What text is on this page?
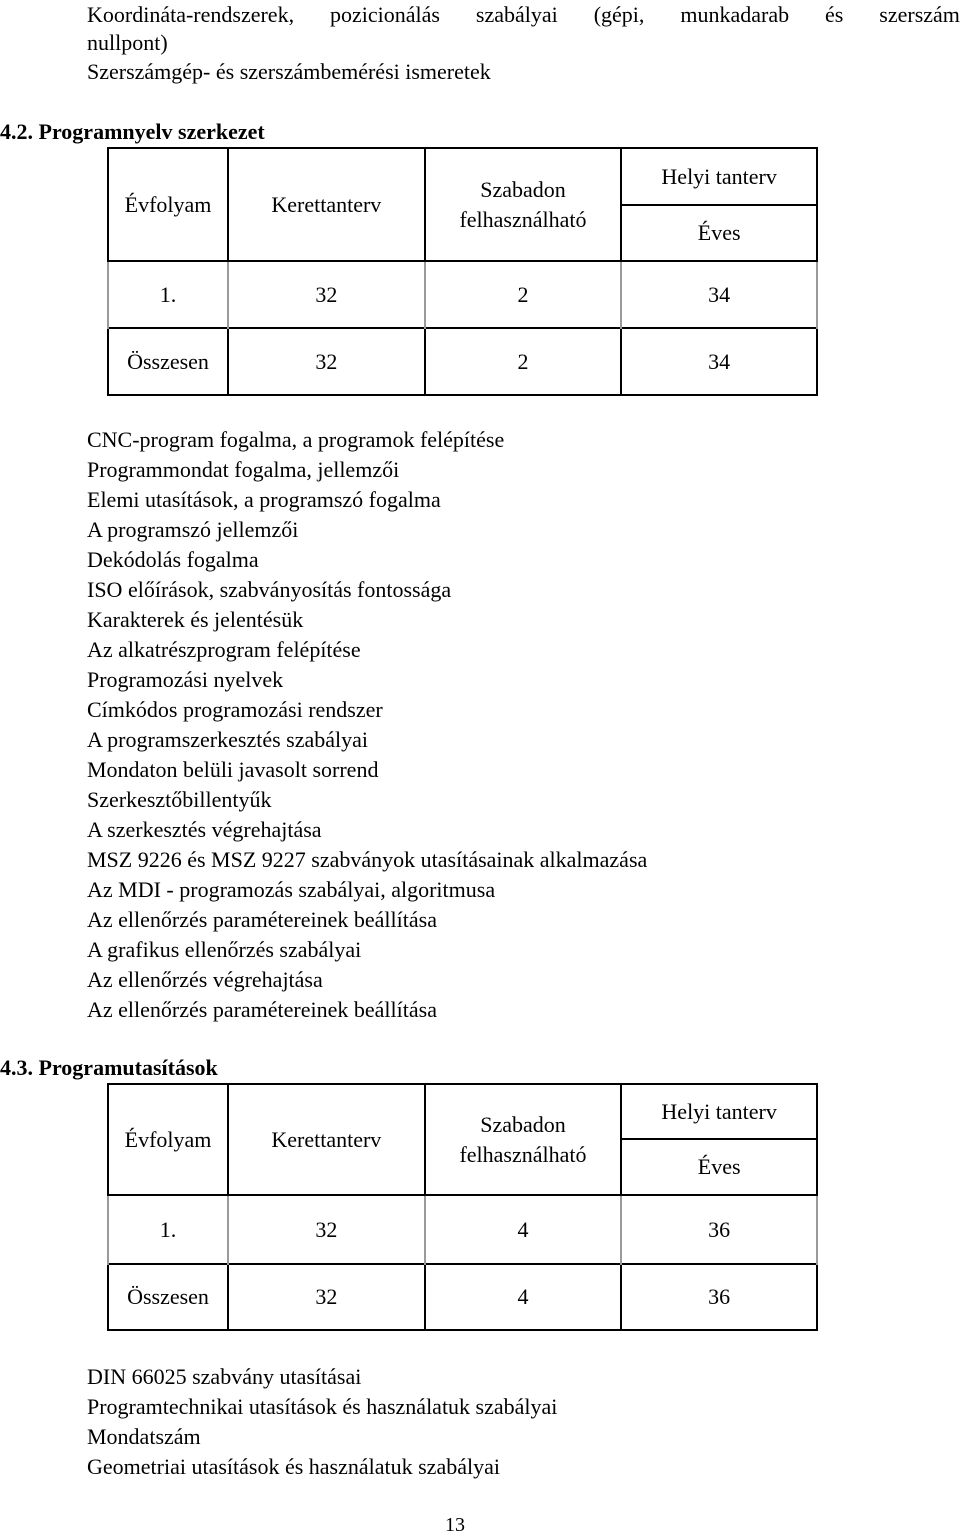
Koordináta-rendszerek, pozicionálás szabályai (gépi, munkadarab és szerszám
nullpont)
Szerszámgép- és szerszámbemérési ismeretek
4.2. Programnyelv szerkezet
Évfolyam	Kerettanterv	Szabadon felhasználható	Helyi tanterv
			Éves
1.	32	2	34
Összesen	32	2	34
CNC-program fogalma, a programok felépítése
Programmondat fogalma, jellemzői
Elemi utasítások, a programszó fogalma
A programszó jellemzői
Dekódolás fogalma
ISO előírások, szabványosítás fontossága
Karakterek és jelentésük
Az alkatrészprogram felépítése
Programozási nyelvek
Címkódos programozási rendszer
A programszerkesztés szabályai
Mondaton belüli javasolt sorrend
Szerkesztőbillentyűk
A szerkesztés végrehajtása
MSZ 9226 és MSZ 9227 szabványok utasításainak alkalmazása
Az MDI - programozás szabályai, algoritmusa
Az ellenőrzés paramétereinek beállítása
A grafikus ellenőrzés szabályai
Az ellenőrzés végrehajtása
Az ellenőrzés paramétereinek beállítása
4.3. Programutasítások
Évfolyam	Kerettanterv	Szabadon felhasználható	Helyi tanterv
			Éves
1.	32	4	36
Összesen	32	4	36
DIN 66025 szabvány utasításai
Programtechnikai utasítások és használatuk szabályai
Mondatszám
Geometriai utasítások és használatuk szabályai
13
